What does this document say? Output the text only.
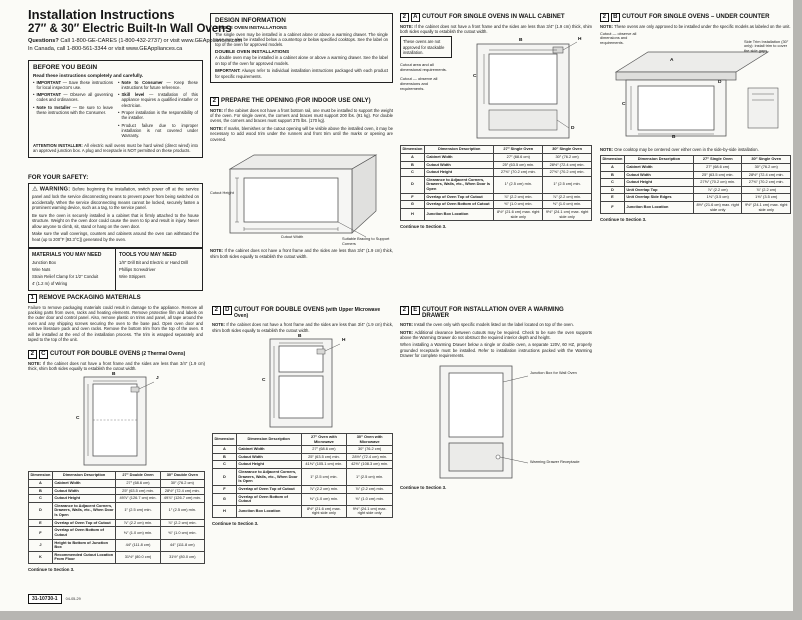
Installation Instructions
27″ & 30″ Electric Built-In Wall Ovens
Questions? Call 1-800-GE-CARES (1-800-432-2737) or visit www.GEAppliances.com
In Canada, call 1-800-561-3344 or visit www.GEAppliances.ca
BEFORE YOU BEGIN
Read these instructions completely and carefully.
• IMPORTANT — Save these instructions for local inspector's use.
• IMPORTANT — Observe all governing codes and ordinances.
• Note to Installer — Be sure to leave these instructions with the Consumer.
• Note to Consumer — Keep these instructions for future reference.
• Skill level — Installation of this appliance requires a qualified installer or electrician.
• Proper installation is the responsibility of the installer.
• Product failure due to improper installation is not covered under Warranty.

ATTENTION INSTALLER: All electric wall ovens must be hard wired (direct wired) into an approved junction box. A plug and receptacle is NOT permitted on these products.

FOR YOUR SAFETY:

⚠WARNING: Before beginning the installation, switch power off at the service panel and lock the service disconnecting means to prevent power from being switched on accidentally. When the service disconnecting means cannot be locked, securely fasten a prominent warning device, such as a tag, to the service panel.

Be sure the oven is securely installed in a cabinet that is firmly attached to the house structure. Weight on the oven door could cause the oven to tip and result in injury. Never allow anyone to climb, sit, stand or hang on the oven door.

Make sure the wall coverings, counters and cabinets around the oven can withstand the heat (up to 200°F [93.3°C]) generated by the oven.

MATERIALS YOU MAY NEED
Junction Box
Wire Nuts
Strain Relief Clamp for 1/2″ Conduit
4′ (1.2 m) of Wiring
TOOLS YOU MAY NEED
1/8″ Drill Bit and Electric or Hand Drill
Phillips Screwdriver
Wire Strippers
1 REMOVE PACKAGING MATERIALS

Failure to remove packaging materials could result in damage to the appliance. Remove all packing parts from oven, racks and heating elements. Remove protective film and labels on the outer door and control panel. Also, remove plastic on trims and panel, all tape around the oven and any shipping screws securing the oven to the base pad. Open oven door and remove literature pack and oven racks. Remove the bottom trim from the top of the oven. It will be installed at the end of the installation process. The trim is wrapped separately and taped to the top of the unit.

DESIGN INFORMATION
SINGLE OVEN INSTALLATIONS

The single oven may be installed in a cabinet alone or above a warming drawer. The single oven may also be installed below a countertop or below specified cooktops. See the label on top of the oven for approved models.

DOUBLE OVEN INSTALLATIONS

A double oven may be installed in a cabinet alone or above a warming drawer. See the label on top of the oven for approved models.

IMPORTANT: Always refer to individual installation instructions packaged with each product for specific requirements.

2 PREPARE THE OPENING (FOR INDOOR USE ONLY)

NOTE: If the cabinet does not have a front bottom rail, one must be installed to support the weight of the oven. For single ovens, the corners and braces must support 200 lbs. (91 kg). For double ovens, the corners and braces must support 375 lbs. (170 kg).

NOTE: If marks, blemishes or the cutout opening will be visible above the installed oven, it may be necessary to add wood trim under the runners and front trim until the marks or opening are covered.

Cutout Width
Cutout Height
Suitable Bracing to Support Corners

NOTE: If the cabinet does not have a front frame and the sides are less than 3/4″ (1.9 cm) thick, shim both sides equally to establish the cutout width.

2	A CUTOUT FOR SINGLE OVENS IN WALL CABINET

NOTE: If the cabinet does not have a front frame and the sides are less than 3/4″ (1.9 cm) thick, shim both sides equally to establish the cutout width.

These ovens are not approved for stackable installation.
Cutout area and all dimensional requirements.
Cutout — observe all dimensions and requirements.
B
C
H
D
Dimension	Dimension Description	27″ Single Oven	30″ Single Oven
A	Cabinet Width	27″ (68.6 cm)	30″ (76.2 cm)
B	Cutout Width	25″ (63.5 cm) min.	28½″ (72.4 cm) min.
C	Cutout Height	27⅝″ (70.2 cm) min.	27⅝″ (70.2 cm) min.
D	Clearance to Adjacent Corners, Drawers, Walls, etc., When Door Is Open	1″ (2.5 cm) min.	1″ (2.5 cm) min.
F	Overlap of Oven Top of Cutout	⅞″ (2.2 cm) min.	⅞″ (2.2 cm) min.
G	Overlap of Oven Bottom of Cutout	⅜″ (1.0 cm) min.	⅜″ (1.0 cm) min.
H	Junction Box Location	8½″ (21.6 cm) max. right side only	9½″ (24.1 cm) max. right side only
Continue to Section 3.
2	B CUTOUT FOR SINGLE OVENS – UNDER COUNTER

NOTE: These ovens are only approved to be installed under the specific models as labeled on the unit.

Cutout — observe all dimensions and requirements.	Side Trim Installation (30″ only): install trim to cover the side gaps.
A
B
C
D

NOTE: One cooktop may be centered over either oven in the side-by-side installation.

Dimension	Dimension Description	27″ Single Oven	30″ Single Oven
A	Cabinet Width	27″ (68.6 cm)	30″ (76.2 cm)
B	Cutout Width	25″ (63.5 cm) min.	28½″ (72.4 cm) min.
C	Cutout Height	27⅝″ (70.2 cm) min.	27⅝″ (70.2 cm) min.
D	Unit Overlap Top	⅞″ (2.2 cm)	⅞″ (2.2 cm)
E	Unit Overlap Side Edges	1⅜″ (3.5 cm)	1⅜″ (3.5 cm)
F	Junction Box Location	8½″ (21.6 cm) max. right side only	9½″ (24.1 cm) max. right side only
Continue to Section 3.
2	C CUTOUT FOR DOUBLE OVENS (2 Thermal Ovens)

NOTE: If the cabinet does not have a front frame and the sides are less than 3/4″ (1.9 cm) thick, shim both sides equally to establish the cutout width.

B
C
J
Dimension	Dimension Description	27″ Double Oven	30″ Double Oven
A	Cabinet Width	27″ (68.6 cm)	30″ (76.2 cm)
B	Cutout Width	25″ (63.5 cm) min.	28½″ (72.4 cm) min.
C	Cutout Height	49⅞″ (126.7 cm) min.	49⅞″ (126.7 cm) min.
D	Clearance to Adjacent Corners, Drawers, Walls, etc., When Door Is Open	1″ (2.5 cm) min.	1″ (2.5 cm) min.
E	Overlap of Oven Top of Cutout	⅞″ (2.2 cm) min.	⅞″ (2.2 cm) min.
F	Overlap of Oven Bottom of Cutout	⅜″ (1.0 cm) min.	⅜″ (1.0 cm) min.
J	Height to Bottom of Junction Box	44″ (111.8 cm)	44″ (111.8 cm)
K	Recommended Cutout Location From Floor	31½″ (80.0 cm)	31½″ (80.0 cm)
Continue to Section 3.
2	D CUTOUT FOR DOUBLE OVENS (with Upper Microwave Oven)

NOTE: If the cabinet does not have a front frame and the sides are less than 3/4″ (1.9 cm) thick, shim both sides equally to establish the cutout width.

B
C
H
Dimension	Dimension Description	27″ Oven with Microwave	30″ Oven with Microwave
A	Cabinet Width	27″ (68.6 cm)	30″ (76.2 cm)
B	Cutout Width	25″ (63.5 cm) min.	28½″ (72.4 cm) min.
C	Cutout Height	41⅜″ (105.1 cm) min.	42⅝″ (108.3 cm) min.
D	Clearance to Adjacent Corners, Drawers, Walls, etc., When Door Is Open	1″ (2.5 cm) min.	1″ (2.5 cm) min.
F	Overlap of Oven Top of Cutout	⅞″ (2.2 cm) min.	⅞″ (2.2 cm) min.
G	Overlap of Oven Bottom of Cutout	⅜″ (1.0 cm) min.	⅜″ (1.0 cm) min.
H	Junction Box Location	8½″ (21.6 cm) max. right side only	9½″ (24.1 cm) max. right side only
Continue to Section 3.
2	E CUTOUT FOR INSTALLATION OVER A WARMING DRAWER

NOTE: Install the oven only with specific models listed on the label located on top of the oven.

NOTE: Additional clearance between cutouts may be required. Check to be sure the oven supports above the Warming Drawer do not obstruct the required interior depth and height.

When installing a Warming Drawer below a single or double oven, a separate 120V, 60 HZ, properly grounded receptacle must be installed. Refer to installation instructions packed with the Warming Drawer for complete requirements.

Junction Box for Wall Oven
Warming Drawer Receptacle
Continue to Section 3.
31-10730-1	04-05-29
